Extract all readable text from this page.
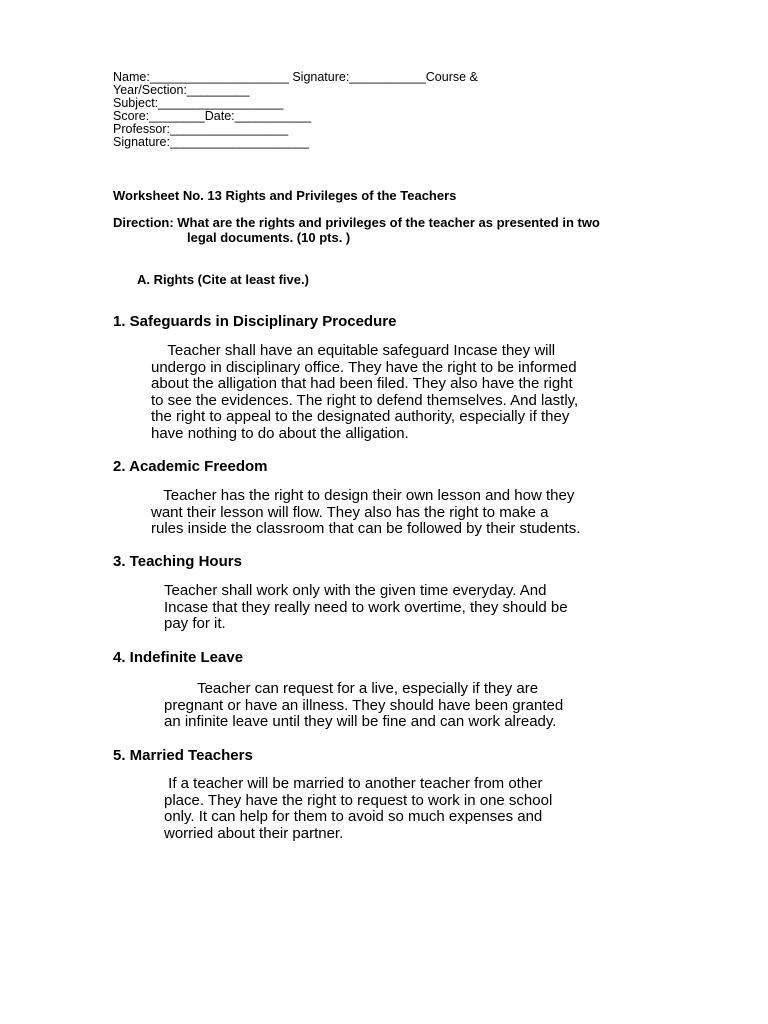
Name:____________________ Signature:___________Course &
Year/Section:_________
Subject:__________________
Score:________Date:___________
Professor:_________________
Signature:____________________
Worksheet No. 13 Rights and Privileges of the Teachers
Direction: What are the rights and privileges of the teacher as presented in two
legal documents. (10 pts. )
A. Rights (Cite at least five.)
1. Safeguards in Disciplinary Procedure
Teacher shall have an equitable safeguard Incase they will
undergo in disciplinary office. They have the right to be informed
about the alligation that had been filed. They also have the right
to see the evidences. The right to defend themselves. And lastly,
the right to appeal to the designated authority, especially if they
have nothing to do about the alligation.
2. Academic Freedom
Teacher has the right to design their own lesson and how they
want their lesson will flow. They also has the right to make a
rules inside the classroom that can be followed by their students.
3. Teaching Hours
Teacher shall work only with the given time everyday. And
Incase that they really need to work overtime, they should be
pay for it.
4. Indefinite Leave
Teacher can request for a live, especially if they are
pregnant or have an illness. They should have been granted
an infinite leave until they will be fine and can work already.
5. Married Teachers
If a teacher will be married to another teacher from other
place. They have the right to request to work in one school
only. It can help for them to avoid so much expenses and
worried about their partner.
